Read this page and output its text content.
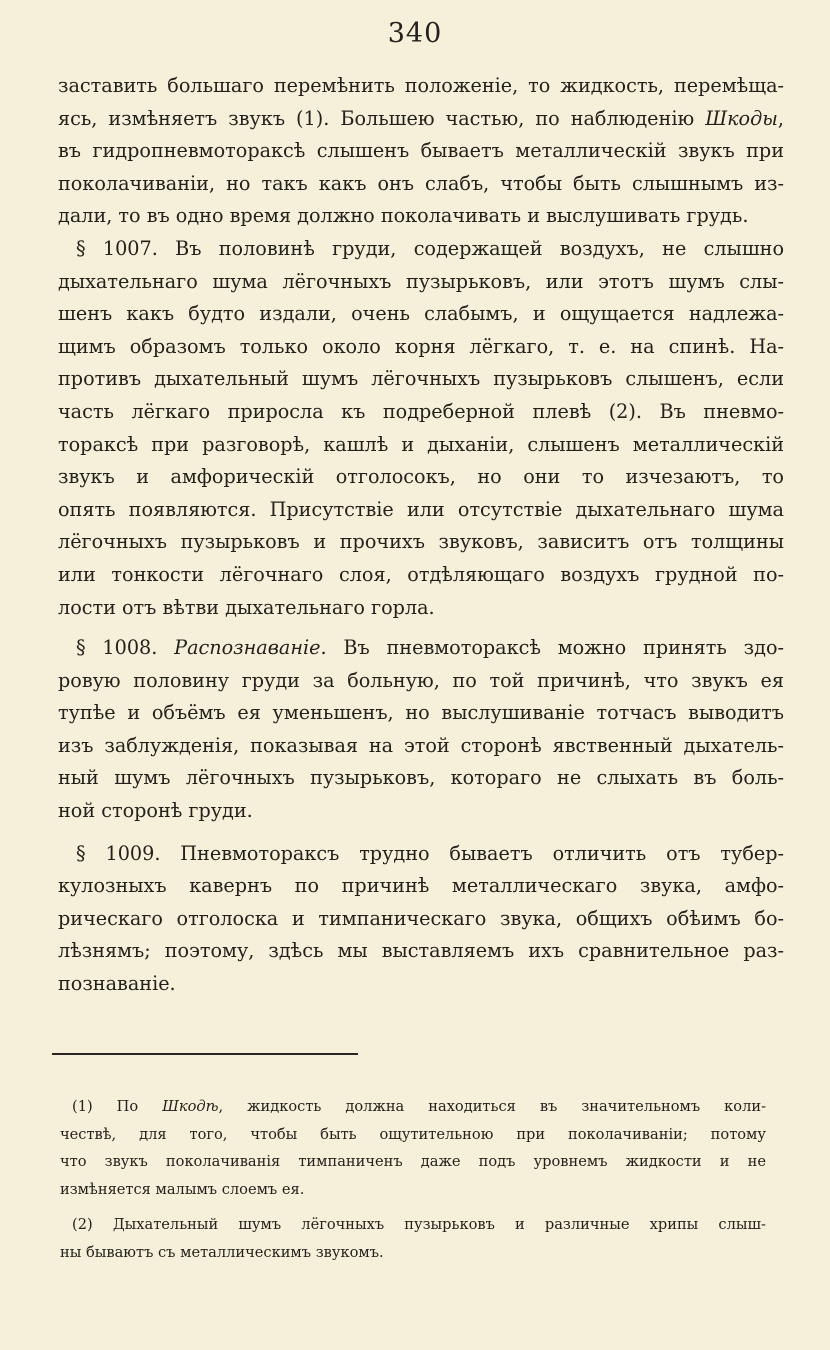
340

заставить большаго перемѣнить положеніе, то жидкость, перемѣща-

ясь, измѣняетъ звукъ (1). Большею частью, по наблюденію Шкоды,

въ гидропневмотораксѣ слышенъ бываетъ металлическій звукъ при

поколачиваніи, но такъ какъ онъ слабъ, чтобы быть слышнымъ из-

дали, то въ одно время должно поколачивать и выслушивать грудь.

§ 1007. Въ половинѣ груди, содержащей воздухъ, не слышно

дыхательнаго шума лёгочныхъ пузырьковъ, или этотъ шумъ слы-

шенъ какъ будто издали, очень слабымъ, и ощущается надлежа-

щимъ образомъ только около корня лёгкаго, т. е. на спинѣ. На-

противъ дыхательный шумъ лёгочныхъ пузырьковъ слышенъ, если

часть лёгкаго приросла къ подреберной плевѣ (2). Въ пневмо-

тораксѣ при разговорѣ, кашлѣ и дыханіи, слышенъ металлическій

звукъ и амфорическій отголосокъ, но они то изчезаютъ, то

опять появляются. Присутствіе или отсутствіе дыхательнаго шума

лёгочныхъ пузырьковъ и прочихъ звуковъ, зависитъ отъ толщины

или тонкости лёгочнаго слоя, отдѣляющаго воздухъ грудной по-

лости отъ вѣтви дыхательнаго горла.

§ 1008. Распознаваніе. Въ пневмотораксѣ можно принять здо-

ровую половину груди за больную, по той причинѣ, что звукъ ея

тупѣе и объёмъ ея уменьшенъ, но выслушиваніе тотчасъ выводитъ

изъ заблужденія, показывая на этой сторонѣ явственный дыхатель-

ный шумъ лёгочныхъ пузырьковъ, котораго не слыхать въ боль-

ной сторонѣ груди.

§ 1009. Пневмотораксъ трудно бываетъ отличить отъ тубер-

кулозныхъ кавернъ по причинѣ металлическаго звука, амфо-

рическаго отголоска и тимпаническаго звука, общихъ обѣимъ бо-

лѣзнямъ; поэтому, здѣсь мы выставляемъ ихъ сравнительное раз-

познаваніе.

(1) По Шкодѣ, жидкость должна находиться въ значительномъ коли-

чествѣ, для того, чтобы быть ощутительною при поколачиваніи; потому

что звукъ поколачиванія тимпаниченъ даже подъ уровнемъ жидкости и не

измѣняется малымъ слоемъ ея.

(2) Дыхательный шумъ лёгочныхъ пузырьковъ и различные хрипы слыш-

ны бываютъ съ металлическимъ звукомъ.
